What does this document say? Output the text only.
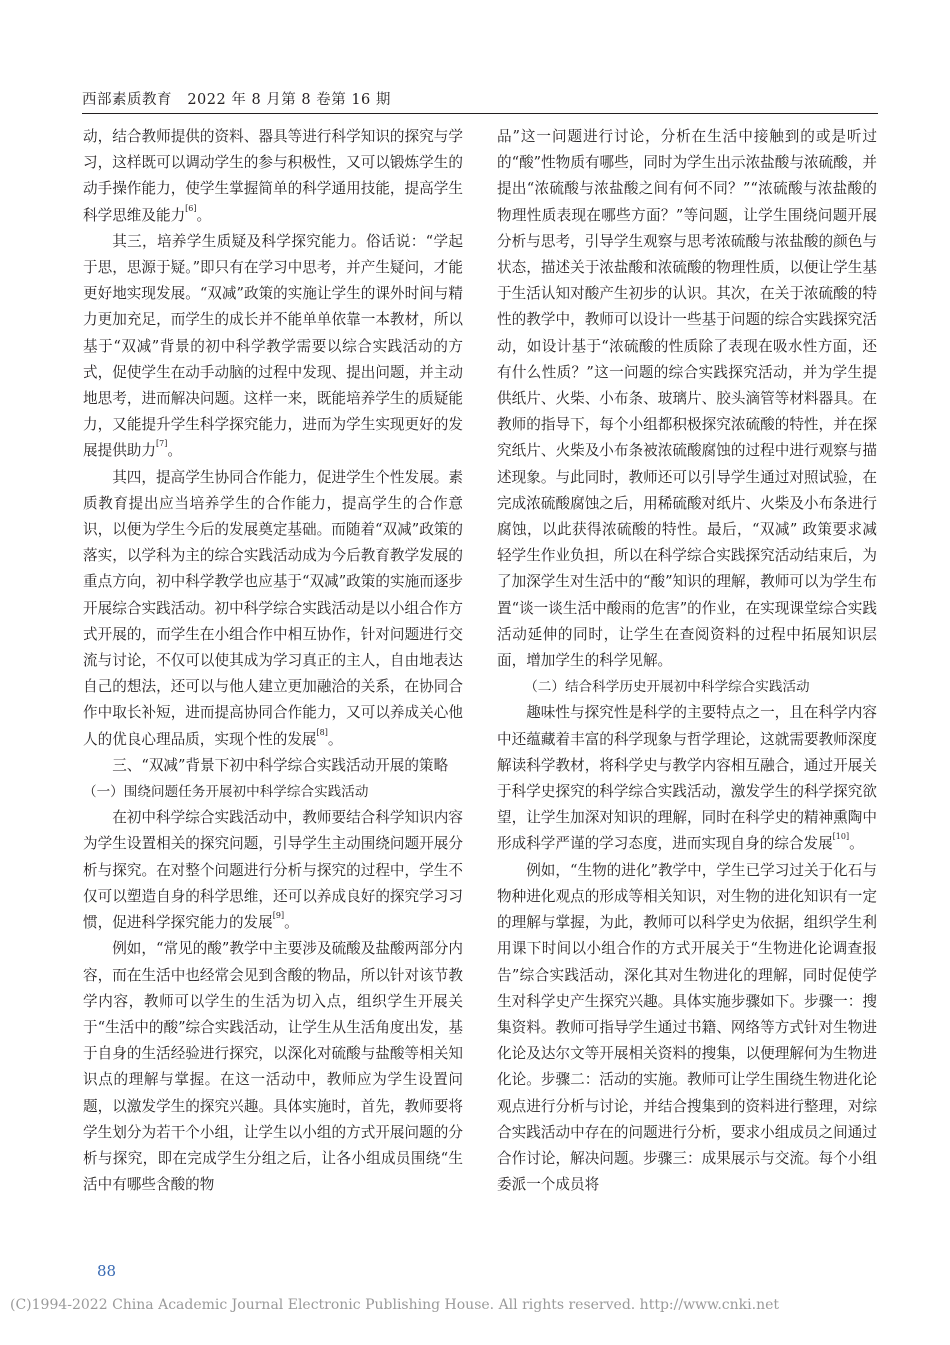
西部素质教育 2022 年 8 月第 8 卷第 16 期

动，结合教师提供的资料、器具等进行科学知识的探究与学习，这样既可以调动学生的参与积极性，又可以锻炼学生的动手操作能力，使学生掌握简单的科学通用技能，提高学生科学思维及能力[6]。

其三，培养学生质疑及科学探究能力。俗话说：“学起于思，思源于疑。”即只有在学习中思考，并产生疑问，才能更好地实现发展。“双减”政策的实施让学生的课外时间与精力更加充足，而学生的成长并不能单单依靠一本教材，所以基于“双减”背景的初中科学教学需要以综合实践活动的方式，促使学生在动手动脑的过程中发现、提出问题，并主动地思考，进而解决问题。这样一来，既能培养学生的质疑能力，又能提升学生科学探究能力，进而为学生实现更好的发展提供助力[7]。

其四，提高学生协同合作能力，促进学生个性发展。素质教育提出应当培养学生的合作能力，提高学生的合作意识，以便为学生今后的发展奠定基础。而随着“双减”政策的落实，以学科为主的综合实践活动成为今后教育教学发展的重点方向，初中科学教学也应基于“双减”政策的实施而逐步开展综合实践活动。初中科学综合实践活动是以小组合作方式开展的，而学生在小组合作中相互协作，针对问题进行交流与讨论，不仅可以使其成为学习真正的主人，自由地表达自己的想法，还可以与他人建立更加融洽的关系，在协同合作中取长补短，进而提高协同合作能力，又可以养成关心他人的优良心理品质，实现个性的发展[8]。

三、“双减”背景下初中科学综合实践活动开展的策略

（一）围绕问题任务开展初中科学综合实践活动

在初中科学综合实践活动中，教师要结合科学知识内容为学生设置相关的探究问题，引导学生主动围绕问题开展分析与探究。在对整个问题进行分析与探究的过程中，学生不仅可以塑造自身的科学思维，还可以养成良好的探究学习习惯，促进科学探究能力的发展[9]。

例如，“常见的酸”教学中主要涉及硫酸及盐酸两部分内容，而在生活中也经常会见到含酸的物品，所以针对该节教学内容，教师可以学生的生活为切入点，组织学生开展关于“生活中的酸”综合实践活动，让学生从生活角度出发，基于自身的生活经验进行探究，以深化对硫酸与盐酸等相关知识点的理解与掌握。在这一活动中，教师应为学生设置问题，以激发学生的探究兴趣。具体实施时，首先，教师要将学生划分为若干个小组，让学生以小组的方式开展问题的分析与探究，即在完成学生分组之后，让各小组成员围绕“生活中有哪些含酸的物

品”这一问题进行讨论，分析在生活中接触到的或是听过的“酸”性物质有哪些，同时为学生出示浓盐酸与浓硫酸，并提出“浓硫酸与浓盐酸之间有何不同？”“浓硫酸与浓盐酸的物理性质表现在哪些方面？”等问题，让学生围绕问题开展分析与思考，引导学生观察与思考浓硫酸与浓盐酸的颜色与状态，描述关于浓盐酸和浓硫酸的物理性质，以便让学生基于生活认知对酸产生初步的认识。其次，在关于浓硫酸的特性的教学中，教师可以设计一些基于问题的综合实践探究活动，如设计基于“浓硫酸的性质除了表现在吸水性方面，还有什么性质？”这一问题的综合实践探究活动，并为学生提供纸片、火柴、小布条、玻璃片、胶头滴管等材料器具。在教师的指导下，每个小组都积极探究浓硫酸的特性，并在探究纸片、火柴及小布条被浓硫酸腐蚀的过程中进行观察与描述现象。与此同时，教师还可以引导学生通过对照试验，在完成浓硫酸腐蚀之后，用稀硫酸对纸片、火柴及小布条进行腐蚀，以此获得浓硫酸的特性。最后，“双减” 政策要求减轻学生作业负担，所以在科学综合实践探究活动结束后，为了加深学生对生活中的“酸”知识的理解，教师可以为学生布置“谈一谈生活中酸雨的危害”的作业，在实现课堂综合实践活动延伸的同时，让学生在查阅资料的过程中拓展知识层面，增加学生的科学见解。

（二）结合科学历史开展初中科学综合实践活动

趣味性与探究性是科学的主要特点之一，且在科学内容中还蕴藏着丰富的科学现象与哲学理论，这就需要教师深度解读科学教材，将科学史与教学内容相互融合，通过开展关于科学史探究的科学综合实践活动，激发学生的科学探究欲望，让学生加深对知识的理解，同时在科学史的精神熏陶中形成科学严谨的学习态度，进而实现自身的综合发展[10]。

例如，“生物的进化”教学中，学生已学习过关于化石与物种进化观点的形成等相关知识，对生物的进化知识有一定的理解与掌握，为此，教师可以科学史为依据，组织学生利用课下时间以小组合作的方式开展关于“生物进化论调查报告”综合实践活动，深化其对生物进化的理解，同时促使学生对科学史产生探究兴趣。具体实施步骤如下。步骤一：搜集资料。教师可指导学生通过书籍、网络等方式针对生物进化论及达尔文等开展相关资料的搜集，以便理解何为生物进化论。步骤二：活动的实施。教师可让学生围绕生物进化论观点进行分析与讨论，并结合搜集到的资料进行整理，对综合实践活动中存在的问题进行分析，要求小组成员之间通过合作讨论，解决问题。步骤三：成果展示与交流。每个小组委派一个成员将

88
(C)1994-2022 China Academic Journal Electronic Publishing House. All rights reserved. http://www.cnki.net
